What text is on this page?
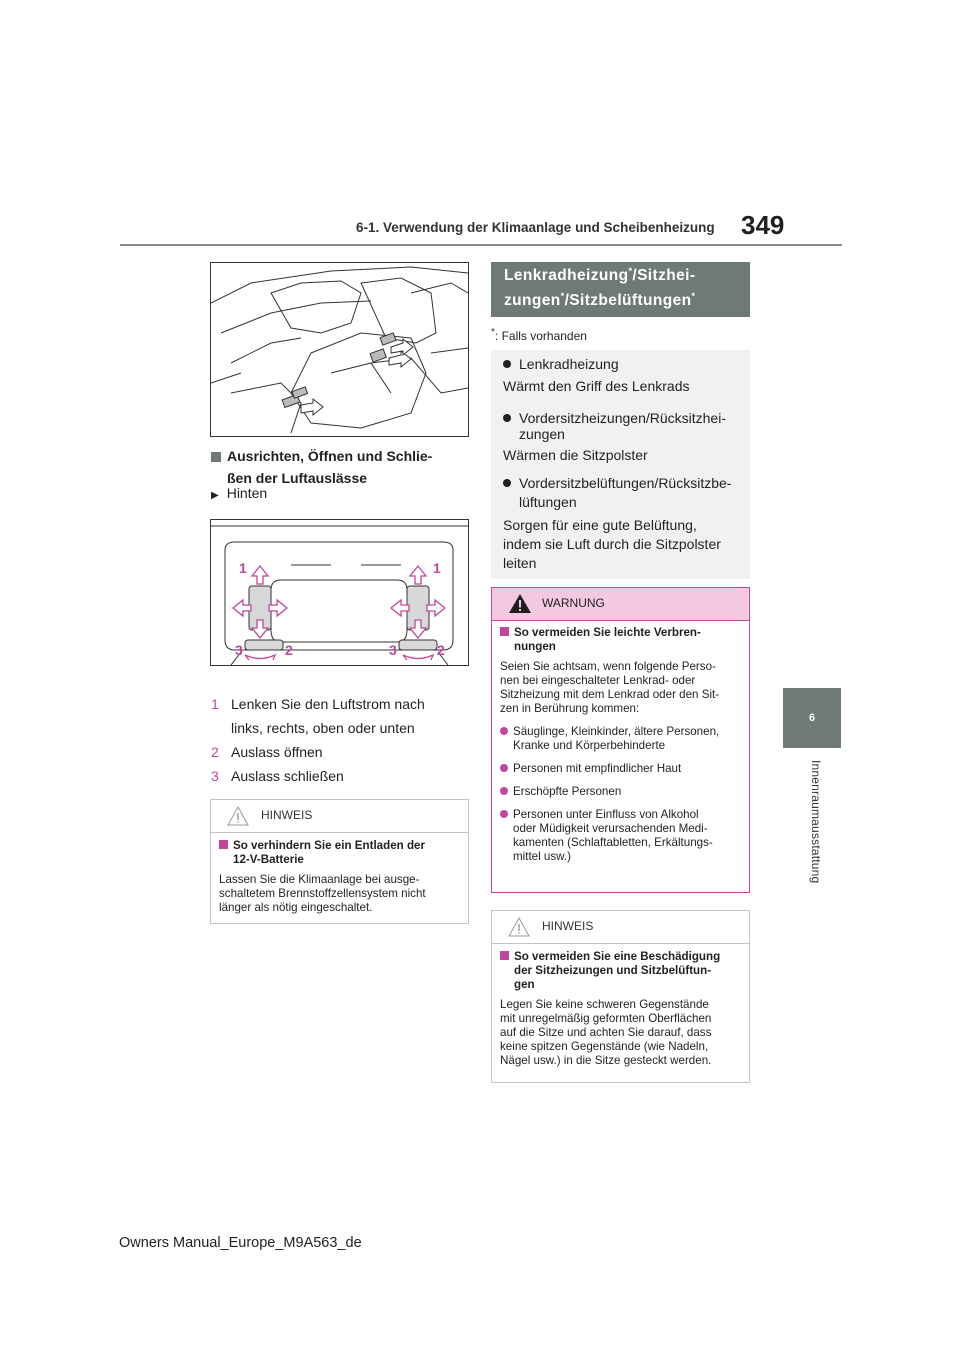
6-1. Verwendung der Klimaanlage und Scheibenheizung 349
6
Innenraumausstattung
Ausrichten, Öffnen und Schlie-
ßen der Luftauslässe
▶ Hinten
1	1
3	2	3	2
1 Lenken Sie den Luftstrom nach
links, rechts, oben oder unten
2 Auslass öffnen
3 Auslass schließen
HINWEIS
So verhindern Sie ein Entladen der
12-V-Batterie
Lassen Sie die Klimaanlage bei ausge-
schaltetem Brennstoffzellensystem nicht
länger als nötig eingeschaltet.
Lenkradheizung*/Sitzhei-
zungen*/Sitzbelüftungen*
*: Falls vorhanden
Lenkradheizung
Wärmt den Griff des Lenkrads
Vordersitzheizungen/Rücksitzhei-
zungen
Wärmen die Sitzpolster
Vordersitzbelüftungen/Rücksitzbe-
lüftungen
Sorgen für eine gute Belüftung,
indem sie Luft durch die Sitzpolster
leiten
WARNUNG
So vermeiden Sie leichte Verbren-
nungen
Seien Sie achtsam, wenn folgende Perso-
nen bei eingeschalteter Lenkrad- oder
Sitzheizung mit dem Lenkrad oder den Sit-
zen in Berührung kommen:
Säuglinge, Kleinkinder, ältere Personen,
Kranke und Körperbehinderte
Personen mit empfindlicher Haut
Erschöpfte Personen
Personen unter Einfluss von Alkohol
oder Müdigkeit verursachenden Medi-
kamenten (Schlaftabletten, Erkältungs-
mittel usw.)
HINWEIS
So vermeiden Sie eine Beschädigung
der Sitzheizungen und Sitzbelüftun-
gen
Legen Sie keine schweren Gegenstände
mit unregelmäßig geformten Oberflächen
auf die Sitze und achten Sie darauf, dass
keine spitzen Gegenstände (wie Nadeln,
Nägel usw.) in die Sitze gesteckt werden.
Owners Manual_Europe_M9A563_de
